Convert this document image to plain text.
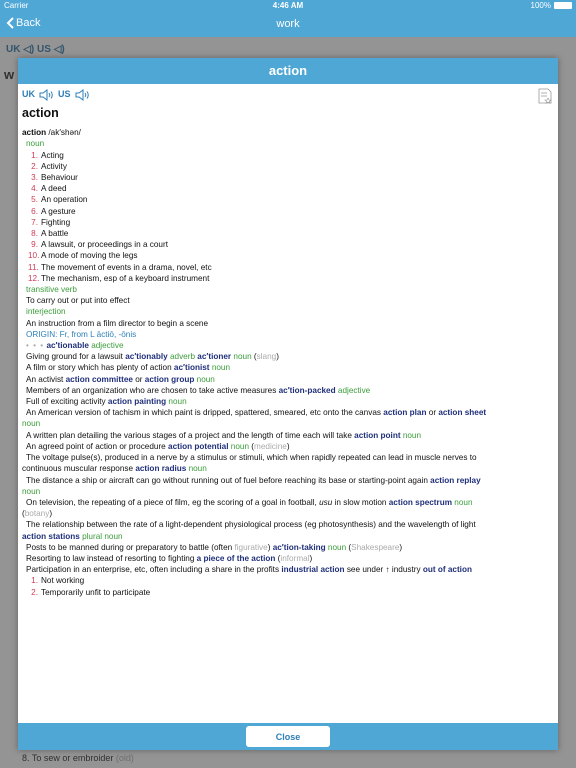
Carrier	4:46 AM	100%
Back	work
action
UK	US
action
action /ak′shən/
noun
1. Acting
2. Activity
3. Behaviour
4. A deed
5. An operation
6. A gesture
7. Fighting
8. A battle
9. A lawsuit, or proceedings in a court
10. A mode of moving the legs
11. The movement of events in a drama, novel, etc
12. The mechanism, esp of a keyboard instrument
transitive verb
To carry out or put into effect
interjection
An instruction from a film director to begin a scene
ORIGIN: Fr, from L āctiō, -ōnis
• • • ac′tionable adjective
Giving ground for a lawsuit ac′tionably adverb ac′tioner noun (slang)
A film or story which has plenty of action ac′tionist noun
An activist action committee or action group noun
Members of an organization who are chosen to take active measures ac′tion-packed adjective
Full of exciting activity action painting noun
An American version of tachism in which paint is dripped, spattered, smeared, etc onto the canvas action plan or action sheet
noun
A written plan detailing the various stages of a project and the length of time each will take action point noun
An agreed point of action or procedure action potential noun (medicine)
The voltage pulse(s), produced in a nerve by a stimulus or stimuli, which when rapidly repeated can lead in muscle nerves to
continuous muscular response action radius noun
The distance a ship or aircraft can go without running out of fuel before reaching its base or starting-point again action replay
noun
On television, the repeating of a piece of film, eg the scoring of a goal in football, usu in slow motion action spectrum noun
(botany)
The relationship between the rate of a light-dependent physiological process (eg photosynthesis) and the wavelength of light
action stations plural noun
Posts to be manned during or preparatory to battle (often figurative) ac′tion-taking noun (Shakespeare)
Resorting to law instead of resorting to fighting a piece of the action (informal)
Participation in an enterprise, etc, often including a share in the profits industrial action see under ↑ industry out of action
1. Not working
2. Temporarily unfit to participate
Close
